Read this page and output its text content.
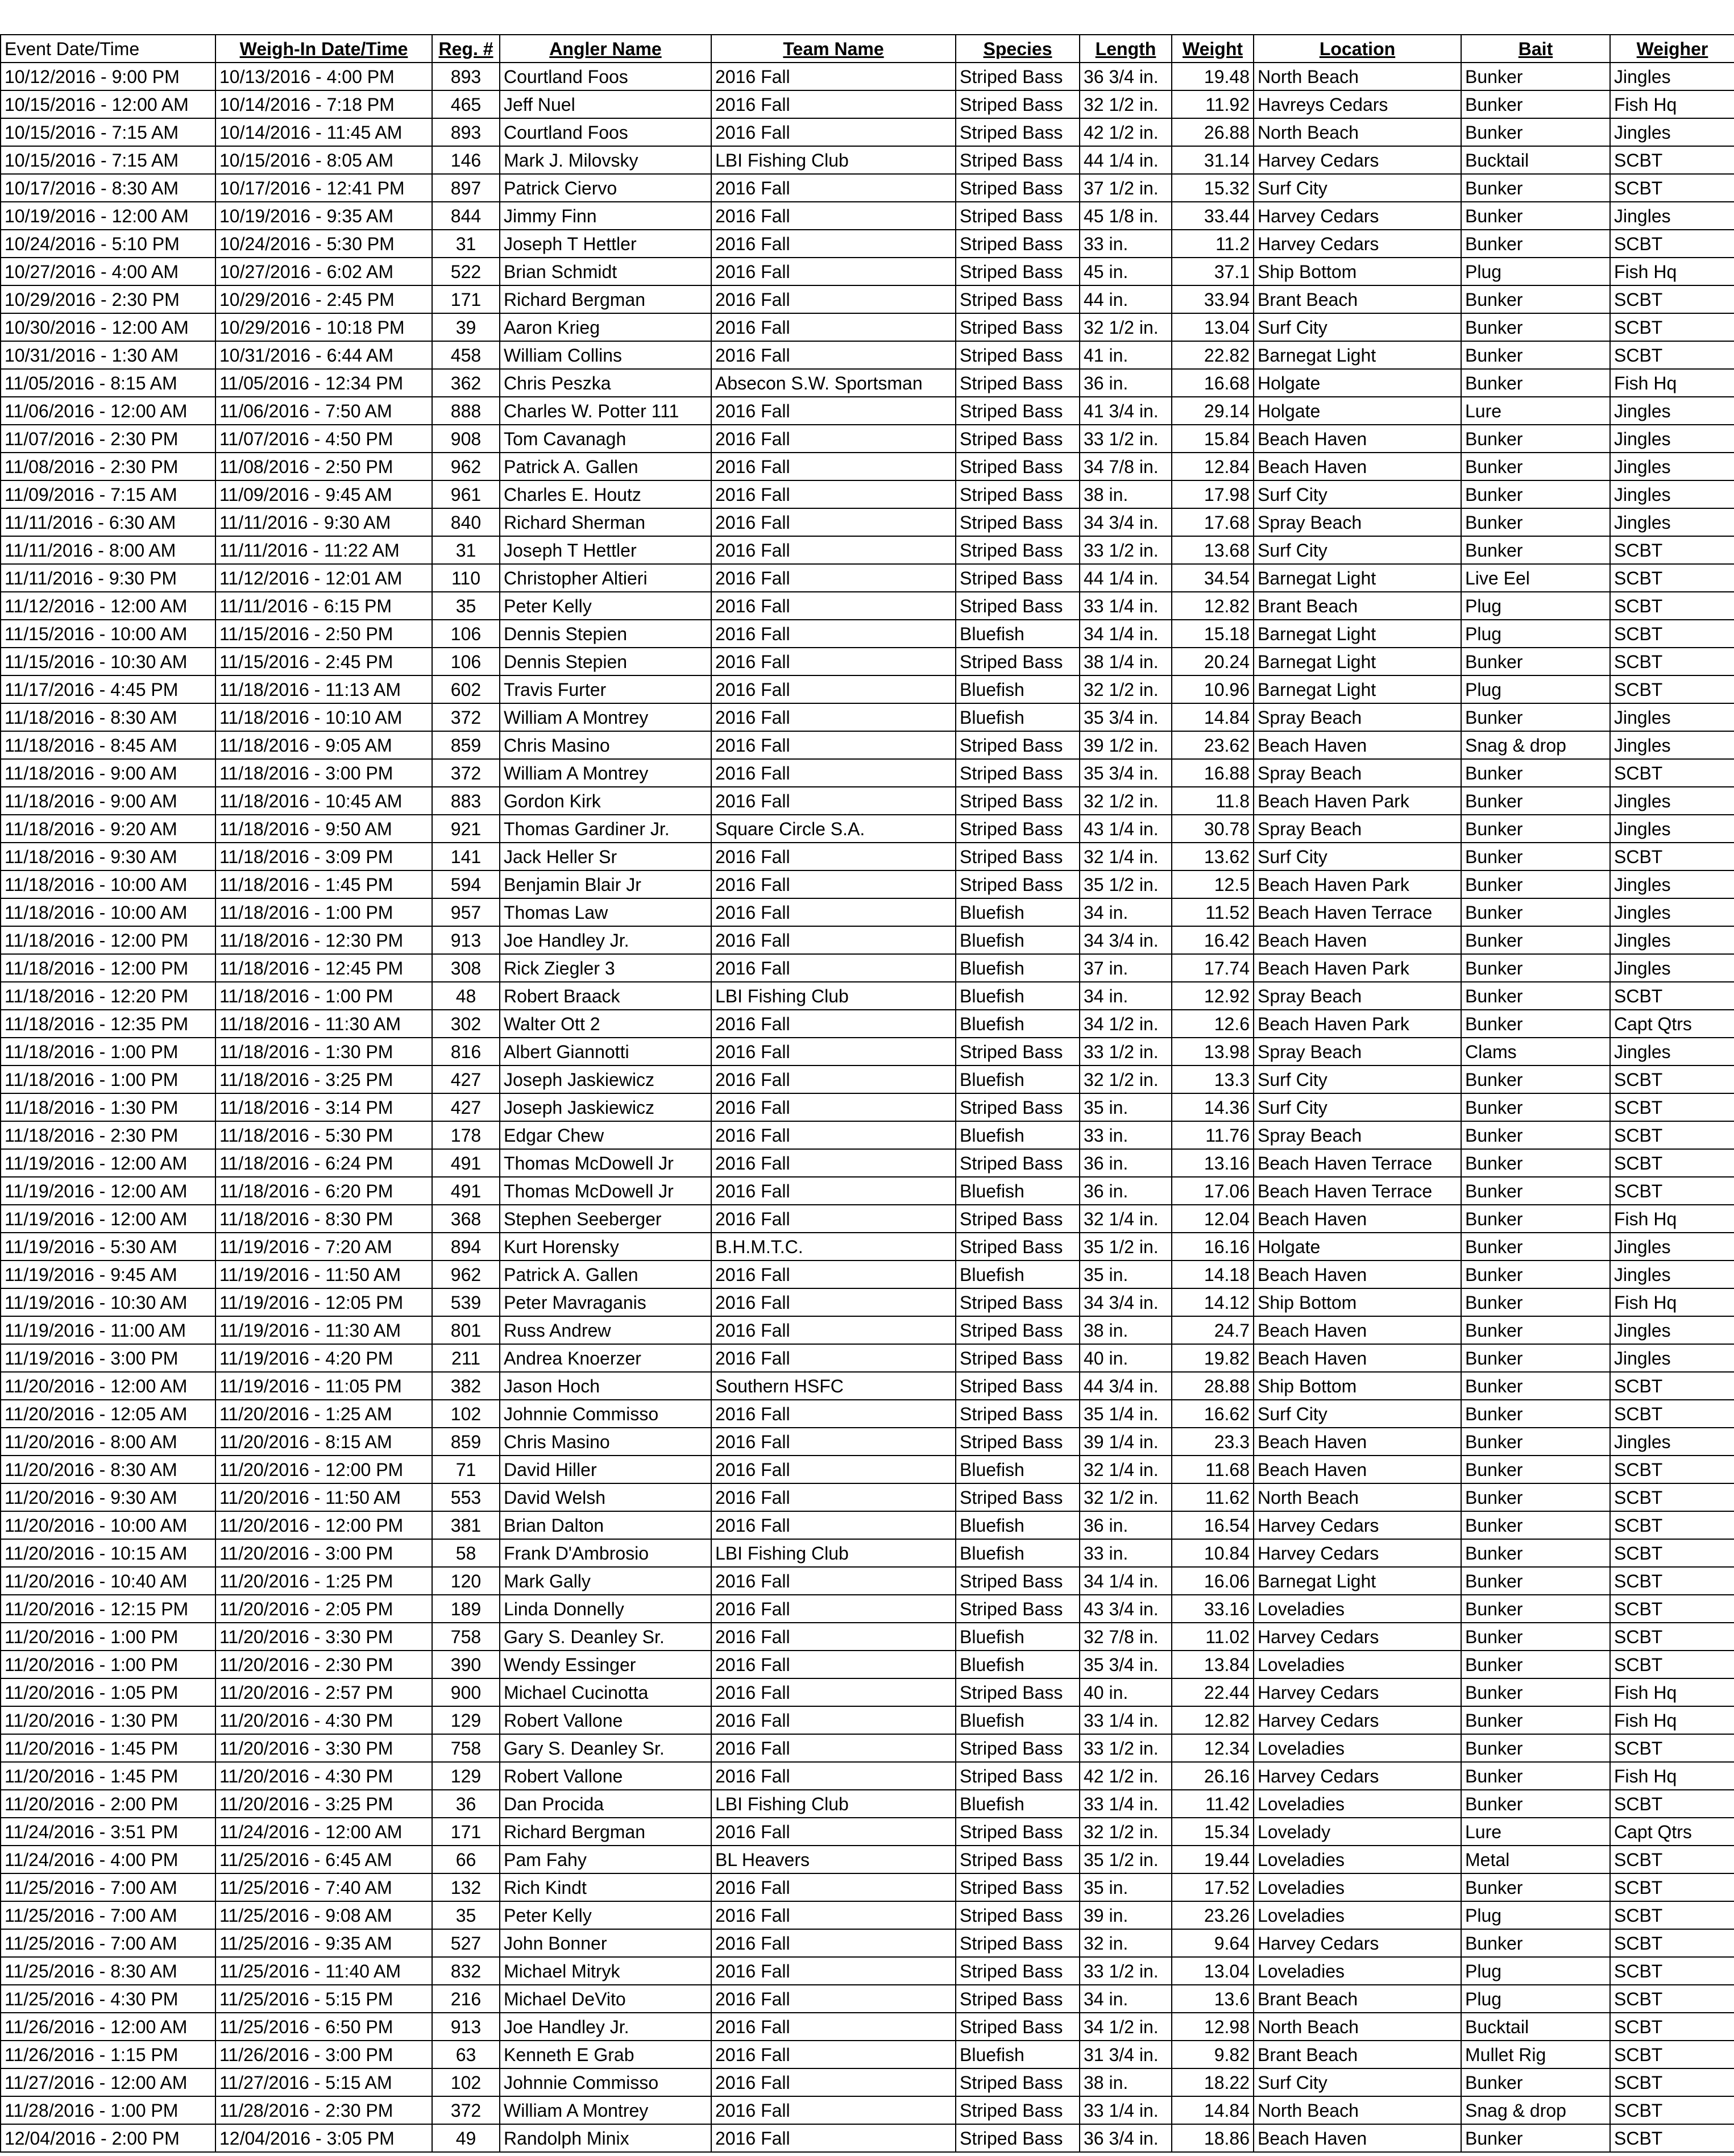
Event Date/Time	Weigh-In Date/Time	Reg. #	Angler Name	Team Name	Species	Length	Weight	Location	Bait	Weigher
10/12/2016 - 9:00 PM	10/13/2016 - 4:00 PM	893	Courtland Foos	2016 Fall	Striped Bass	36 3/4 in.	19.48	North Beach	Bunker	Jingles
10/15/2016 - 12:00 AM	10/14/2016 - 7:18 PM	465	Jeff Nuel	2016 Fall	Striped Bass	32 1/2 in.	11.92	Havreys Cedars	Bunker	Fish Hq
10/15/2016 - 7:15 AM	10/14/2016 - 11:45 AM	893	Courtland Foos	2016 Fall	Striped Bass	42 1/2 in.	26.88	North Beach	Bunker	Jingles
10/15/2016 - 7:15 AM	10/15/2016 - 8:05 AM	146	Mark J. Milovsky	LBI Fishing Club	Striped Bass	44 1/4 in.	31.14	Harvey Cedars	Bucktail	SCBT
10/17/2016 - 8:30 AM	10/17/2016 - 12:41 PM	897	Patrick Ciervo	2016 Fall	Striped Bass	37 1/2 in.	15.32	Surf City	Bunker	SCBT
10/19/2016 - 12:00 AM	10/19/2016 - 9:35 AM	844	Jimmy Finn	2016 Fall	Striped Bass	45 1/8 in.	33.44	Harvey Cedars	Bunker	Jingles
10/24/2016 - 5:10 PM	10/24/2016 - 5:30 PM	31	Joseph T Hettler	2016 Fall	Striped Bass	33 in.	11.2	Harvey Cedars	Bunker	SCBT
10/27/2016 - 4:00 AM	10/27/2016 - 6:02 AM	522	Brian Schmidt	2016 Fall	Striped Bass	45 in.	37.1	Ship Bottom	Plug	Fish Hq
10/29/2016 - 2:30 PM	10/29/2016 - 2:45 PM	171	Richard Bergman	2016 Fall	Striped Bass	44 in.	33.94	Brant Beach	Bunker	SCBT
10/30/2016 - 12:00 AM	10/29/2016 - 10:18 PM	39	Aaron Krieg	2016 Fall	Striped Bass	32 1/2 in.	13.04	Surf City	Bunker	SCBT
10/31/2016 - 1:30 AM	10/31/2016 - 6:44 AM	458	William Collins	2016 Fall	Striped Bass	41 in.	22.82	Barnegat Light	Bunker	SCBT
11/05/2016 - 8:15 AM	11/05/2016 - 12:34 PM	362	Chris Peszka	Absecon S.W. Sportsman	Striped Bass	36 in.	16.68	Holgate	Bunker	Fish Hq
11/06/2016 - 12:00 AM	11/06/2016 - 7:50 AM	888	Charles W. Potter 111	2016 Fall	Striped Bass	41 3/4 in.	29.14	Holgate	Lure	Jingles
11/07/2016 - 2:30 PM	11/07/2016 - 4:50 PM	908	Tom Cavanagh	2016 Fall	Striped Bass	33 1/2 in.	15.84	Beach Haven	Bunker	Jingles
11/08/2016 - 2:30 PM	11/08/2016 - 2:50 PM	962	Patrick A. Gallen	2016 Fall	Striped Bass	34 7/8 in.	12.84	Beach Haven	Bunker	Jingles
11/09/2016 - 7:15 AM	11/09/2016 - 9:45 AM	961	Charles E. Houtz	2016 Fall	Striped Bass	38 in.	17.98	Surf City	Bunker	Jingles
11/11/2016 - 6:30 AM	11/11/2016 - 9:30 AM	840	Richard Sherman	2016 Fall	Striped Bass	34 3/4 in.	17.68	Spray Beach	Bunker	Jingles
11/11/2016 - 8:00 AM	11/11/2016 - 11:22 AM	31	Joseph T Hettler	2016 Fall	Striped Bass	33 1/2 in.	13.68	Surf City	Bunker	SCBT
11/11/2016 - 9:30 PM	11/12/2016 - 12:01 AM	110	Christopher Altieri	2016 Fall	Striped Bass	44 1/4 in.	34.54	Barnegat Light	Live Eel	SCBT
11/12/2016 - 12:00 AM	11/11/2016 - 6:15 PM	35	Peter Kelly	2016 Fall	Striped Bass	33 1/4 in.	12.82	Brant Beach	Plug	SCBT
11/15/2016 - 10:00 AM	11/15/2016 - 2:50 PM	106	Dennis Stepien	2016 Fall	Bluefish	34 1/4 in.	15.18	Barnegat Light	Plug	SCBT
11/15/2016 - 10:30 AM	11/15/2016 - 2:45 PM	106	Dennis Stepien	2016 Fall	Striped Bass	38 1/4 in.	20.24	Barnegat Light	Bunker	SCBT
11/17/2016 - 4:45 PM	11/18/2016 - 11:13 AM	602	Travis Furter	2016 Fall	Bluefish	32 1/2 in.	10.96	Barnegat Light	Plug	SCBT
11/18/2016 - 8:30 AM	11/18/2016 - 10:10 AM	372	William A Montrey	2016 Fall	Bluefish	35 3/4 in.	14.84	Spray Beach	Bunker	Jingles
11/18/2016 - 8:45 AM	11/18/2016 - 9:05 AM	859	Chris Masino	2016 Fall	Striped Bass	39 1/2 in.	23.62	Beach Haven	Snag & drop	Jingles
11/18/2016 - 9:00 AM	11/18/2016 - 3:00 PM	372	William A Montrey	2016 Fall	Striped Bass	35 3/4 in.	16.88	Spray Beach	Bunker	SCBT
11/18/2016 - 9:00 AM	11/18/2016 - 10:45 AM	883	Gordon Kirk	2016 Fall	Striped Bass	32 1/2 in.	11.8	Beach Haven Park	Bunker	Jingles
11/18/2016 - 9:20 AM	11/18/2016 - 9:50 AM	921	Thomas Gardiner Jr.	Square Circle S.A.	Striped Bass	43 1/4 in.	30.78	Spray Beach	Bunker	Jingles
11/18/2016 - 9:30 AM	11/18/2016 - 3:09 PM	141	Jack Heller Sr	2016 Fall	Striped Bass	32 1/4 in.	13.62	Surf City	Bunker	SCBT
11/18/2016 - 10:00 AM	11/18/2016 - 1:45 PM	594	Benjamin Blair Jr	2016 Fall	Striped Bass	35 1/2 in.	12.5	Beach Haven Park	Bunker	Jingles
11/18/2016 - 10:00 AM	11/18/2016 - 1:00 PM	957	Thomas Law	2016 Fall	Bluefish	34 in.	11.52	Beach Haven Terrace	Bunker	Jingles
11/18/2016 - 12:00 PM	11/18/2016 - 12:30 PM	913	Joe Handley Jr.	2016 Fall	Bluefish	34 3/4 in.	16.42	Beach Haven	Bunker	Jingles
11/18/2016 - 12:00 PM	11/18/2016 - 12:45 PM	308	Rick Ziegler 3	2016 Fall	Bluefish	37 in.	17.74	Beach Haven Park	Bunker	Jingles
11/18/2016 - 12:20 PM	11/18/2016 - 1:00 PM	48	Robert Braack	LBI Fishing Club	Bluefish	34 in.	12.92	Spray Beach	Bunker	SCBT
11/18/2016 - 12:35 PM	11/18/2016 - 11:30 AM	302	Walter Ott 2	2016 Fall	Bluefish	34 1/2 in.	12.6	Beach Haven Park	Bunker	Capt Qtrs
11/18/2016 - 1:00 PM	11/18/2016 - 1:30 PM	816	Albert Giannotti	2016 Fall	Striped Bass	33 1/2 in.	13.98	Spray Beach	Clams	Jingles
11/18/2016 - 1:00 PM	11/18/2016 - 3:25 PM	427	Joseph Jaskiewicz	2016 Fall	Bluefish	32 1/2 in.	13.3	Surf City	Bunker	SCBT
11/18/2016 - 1:30 PM	11/18/2016 - 3:14 PM	427	Joseph Jaskiewicz	2016 Fall	Striped Bass	35 in.	14.36	Surf City	Bunker	SCBT
11/18/2016 - 2:30 PM	11/18/2016 - 5:30 PM	178	Edgar Chew	2016 Fall	Bluefish	33 in.	11.76	Spray Beach	Bunker	SCBT
11/19/2016 - 12:00 AM	11/18/2016 - 6:24 PM	491	Thomas McDowell Jr	2016 Fall	Striped Bass	36 in.	13.16	Beach Haven Terrace	Bunker	SCBT
11/19/2016 - 12:00 AM	11/18/2016 - 6:20 PM	491	Thomas McDowell Jr	2016 Fall	Bluefish	36 in.	17.06	Beach Haven Terrace	Bunker	SCBT
11/19/2016 - 12:00 AM	11/18/2016 - 8:30 PM	368	Stephen Seeberger	2016 Fall	Striped Bass	32 1/4 in.	12.04	Beach Haven	Bunker	Fish Hq
11/19/2016 - 5:30 AM	11/19/2016 - 7:20 AM	894	Kurt Horensky	B.H.M.T.C.	Striped Bass	35 1/2 in.	16.16	Holgate	Bunker	Jingles
11/19/2016 - 9:45 AM	11/19/2016 - 11:50 AM	962	Patrick A. Gallen	2016 Fall	Bluefish	35 in.	14.18	Beach Haven	Bunker	Jingles
11/19/2016 - 10:30 AM	11/19/2016 - 12:05 PM	539	Peter Mavraganis	2016 Fall	Striped Bass	34 3/4 in.	14.12	Ship Bottom	Bunker	Fish Hq
11/19/2016 - 11:00 AM	11/19/2016 - 11:30 AM	801	Russ Andrew	2016 Fall	Striped Bass	38 in.	24.7	Beach Haven	Bunker	Jingles
11/19/2016 - 3:00 PM	11/19/2016 - 4:20 PM	211	Andrea Knoerzer	2016 Fall	Striped Bass	40 in.	19.82	Beach Haven	Bunker	Jingles
11/20/2016 - 12:00 AM	11/19/2016 - 11:05 PM	382	Jason Hoch	Southern HSFC	Striped Bass	44 3/4 in.	28.88	Ship Bottom	Bunker	SCBT
11/20/2016 - 12:05 AM	11/20/2016 - 1:25 AM	102	Johnnie Commisso	2016 Fall	Striped Bass	35 1/4 in.	16.62	Surf City	Bunker	SCBT
11/20/2016 - 8:00 AM	11/20/2016 - 8:15 AM	859	Chris Masino	2016 Fall	Striped Bass	39 1/4 in.	23.3	Beach Haven	Bunker	Jingles
11/20/2016 - 8:30 AM	11/20/2016 - 12:00 PM	71	David Hiller	2016 Fall	Bluefish	32 1/4 in.	11.68	Beach Haven	Bunker	SCBT
11/20/2016 - 9:30 AM	11/20/2016 - 11:50 AM	553	David Welsh	2016 Fall	Striped Bass	32 1/2 in.	11.62	North Beach	Bunker	SCBT
11/20/2016 - 10:00 AM	11/20/2016 - 12:00 PM	381	Brian Dalton	2016 Fall	Bluefish	36 in.	16.54	Harvey Cedars	Bunker	SCBT
11/20/2016 - 10:15 AM	11/20/2016 - 3:00 PM	58	Frank D'Ambrosio	LBI Fishing Club	Bluefish	33 in.	10.84	Harvey Cedars	Bunker	SCBT
11/20/2016 - 10:40 AM	11/20/2016 - 1:25 PM	120	Mark Gally	2016 Fall	Striped Bass	34 1/4 in.	16.06	Barnegat Light	Bunker	SCBT
11/20/2016 - 12:15 PM	11/20/2016 - 2:05 PM	189	Linda Donnelly	2016 Fall	Striped Bass	43 3/4 in.	33.16	Loveladies	Bunker	SCBT
11/20/2016 - 1:00 PM	11/20/2016 - 3:30 PM	758	Gary S. Deanley Sr.	2016 Fall	Bluefish	32 7/8 in.	11.02	Harvey Cedars	Bunker	SCBT
11/20/2016 - 1:00 PM	11/20/2016 - 2:30 PM	390	Wendy Essinger	2016 Fall	Bluefish	35 3/4 in.	13.84	Loveladies	Bunker	SCBT
11/20/2016 - 1:05 PM	11/20/2016 - 2:57 PM	900	Michael Cucinotta	2016 Fall	Striped Bass	40 in.	22.44	Harvey Cedars	Bunker	Fish Hq
11/20/2016 - 1:30 PM	11/20/2016 - 4:30 PM	129	Robert Vallone	2016 Fall	Bluefish	33 1/4 in.	12.82	Harvey Cedars	Bunker	Fish Hq
11/20/2016 - 1:45 PM	11/20/2016 - 3:30 PM	758	Gary S. Deanley Sr.	2016 Fall	Striped Bass	33 1/2 in.	12.34	Loveladies	Bunker	SCBT
11/20/2016 - 1:45 PM	11/20/2016 - 4:30 PM	129	Robert Vallone	2016 Fall	Striped Bass	42 1/2 in.	26.16	Harvey Cedars	Bunker	Fish Hq
11/20/2016 - 2:00 PM	11/20/2016 - 3:25 PM	36	Dan Procida	LBI Fishing Club	Bluefish	33 1/4 in.	11.42	Loveladies	Bunker	SCBT
11/24/2016 - 3:51 PM	11/24/2016 - 12:00 AM	171	Richard Bergman	2016 Fall	Striped Bass	32 1/2 in.	15.34	Lovelady	Lure	Capt Qtrs
11/24/2016 - 4:00 PM	11/25/2016 - 6:45 AM	66	Pam Fahy	BL Heavers	Striped Bass	35 1/2 in.	19.44	Loveladies	Metal	SCBT
11/25/2016 - 7:00 AM	11/25/2016 - 7:40 AM	132	Rich Kindt	2016 Fall	Striped Bass	35 in.	17.52	Loveladies	Bunker	SCBT
11/25/2016 - 7:00 AM	11/25/2016 - 9:08 AM	35	Peter Kelly	2016 Fall	Striped Bass	39 in.	23.26	Loveladies	Plug	SCBT
11/25/2016 - 7:00 AM	11/25/2016 - 9:35 AM	527	John Bonner	2016 Fall	Striped Bass	32 in.	9.64	Harvey Cedars	Bunker	SCBT
11/25/2016 - 8:30 AM	11/25/2016 - 11:40 AM	832	Michael Mitryk	2016 Fall	Striped Bass	33 1/2 in.	13.04	Loveladies	Plug	SCBT
11/25/2016 - 4:30 PM	11/25/2016 - 5:15 PM	216	Michael DeVito	2016 Fall	Striped Bass	34 in.	13.6	Brant Beach	Plug	SCBT
11/26/2016 - 12:00 AM	11/25/2016 - 6:50 PM	913	Joe Handley Jr.	2016 Fall	Striped Bass	34 1/2 in.	12.98	North Beach	Bucktail	SCBT
11/26/2016 - 1:15 PM	11/26/2016 - 3:00 PM	63	Kenneth E Grab	2016 Fall	Bluefish	31 3/4 in.	9.82	Brant Beach	Mullet Rig	SCBT
11/27/2016 - 12:00 AM	11/27/2016 - 5:15 AM	102	Johnnie Commisso	2016 Fall	Striped Bass	38 in.	18.22	Surf City	Bunker	SCBT
11/28/2016 - 1:00 PM	11/28/2016 - 2:30 PM	372	William A Montrey	2016 Fall	Striped Bass	33 1/4 in.	14.84	North Beach	Snag & drop	SCBT
12/04/2016 - 2:00 PM	12/04/2016 - 3:05 PM	49	Randolph Minix	2016 Fall	Striped Bass	36 3/4 in.	18.86	Beach Haven	Bunker	SCBT
